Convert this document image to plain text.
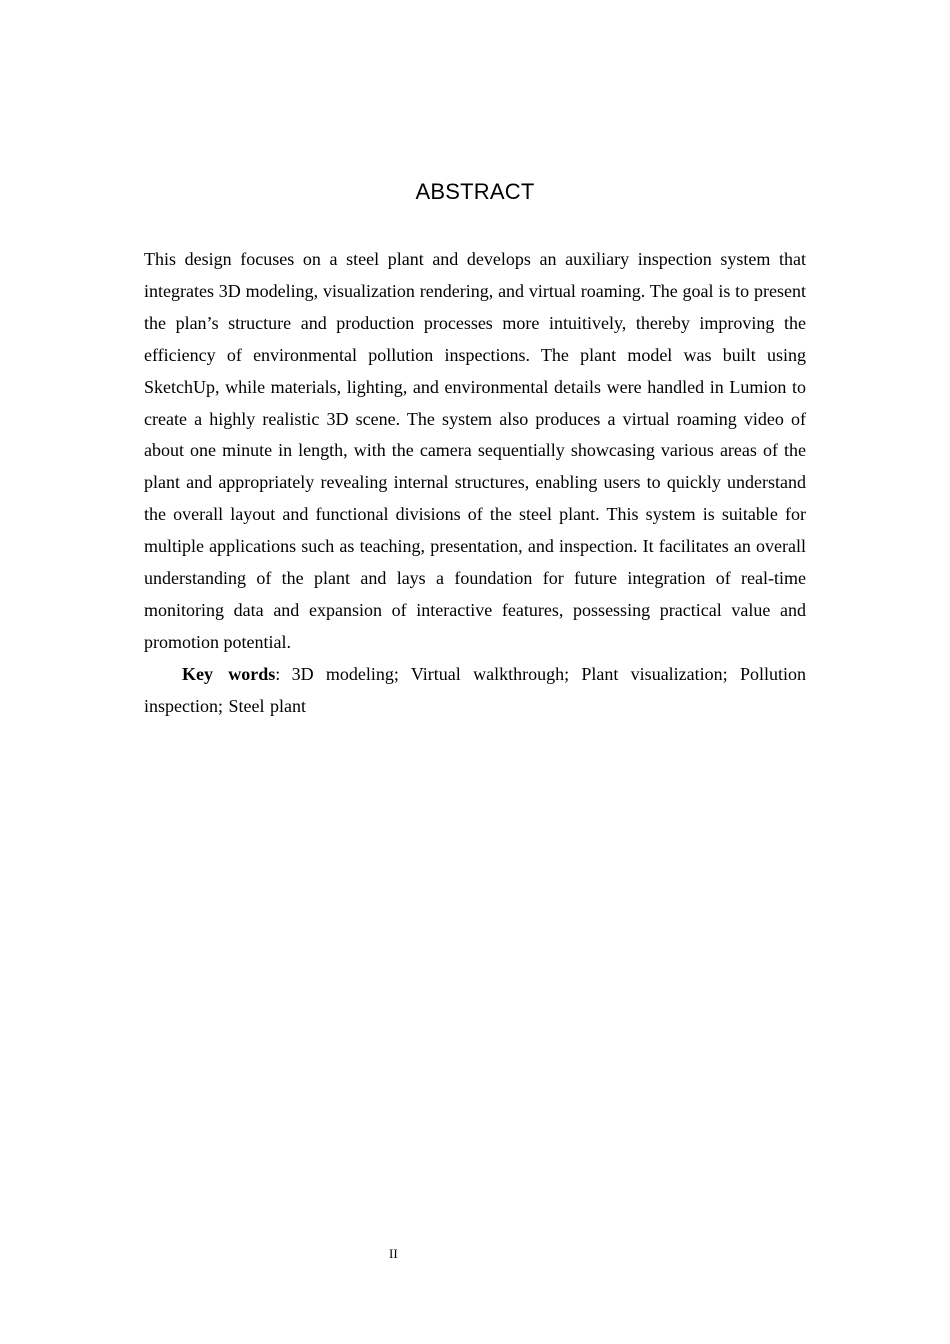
ABSTRACT

This design focuses on a steel plant and develops an auxiliary inspection system that integrates 3D modeling, visualization rendering, and virtual roaming. The goal is to present the plan’s structure and production processes more intuitively, thereby improving the efficiency of environmental pollution inspections. The plant model was built using SketchUp, while materials, lighting, and environmental details were handled in Lumion to create a highly realistic 3D scene. The system also produces a virtual roaming video of about one minute in length, with the camera sequentially showcasing various areas of the plant and appropriately revealing internal structures, enabling users to quickly understand the overall layout and functional divisions of the steel plant. This system is suitable for multiple applications such as teaching, presentation, and inspection. It facilitates an overall understanding of the plant and lays a foundation for future integration of real-time monitoring data and expansion of interactive features, possessing practical value and promotion potential.

Key words: 3D modeling; Virtual walkthrough; Plant visualization; Pollution inspection; Steel plant

II
